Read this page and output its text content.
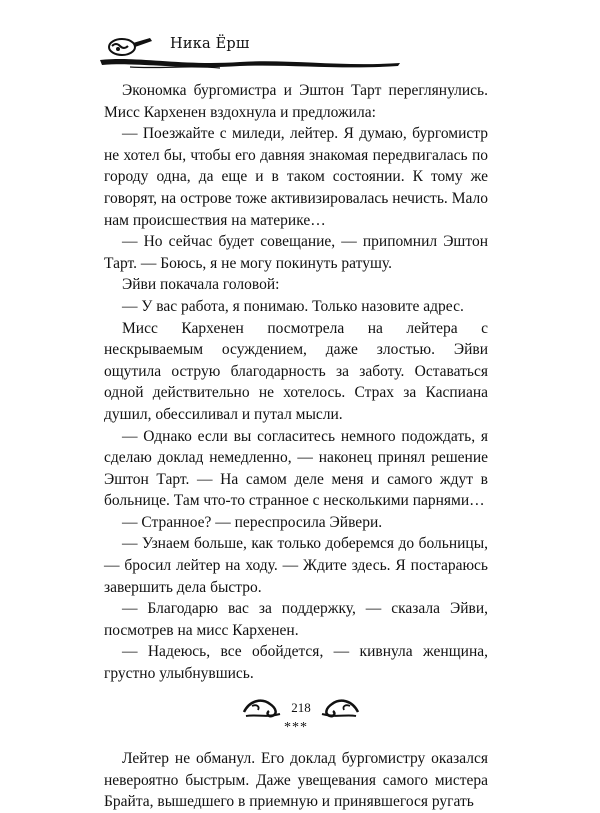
Ника Ёрш

Экономка бургомистра и Эштон Тарт переглянулись. Мисс Кархенен вздохнула и предложила:

— Поезжайте с миледи, лейтер. Я думаю, бургомистр не хотел бы, чтобы его давняя знакомая передвигалась по городу одна, да еще и в таком состоянии. К тому же говорят, на острове тоже активизировалась нечисть. Мало нам происшествия на материке…

— Но сейчас будет совещание, — припомнил Эштон Тарт. — Боюсь, я не могу покинуть ратушу.

Эйви покачала головой:

— У вас работа, я понимаю. Только назовите адрес.

Мисс Кархенен посмотрела на лейтера с нескрываемым осуждением, даже злостью. Эйви ощутила острую благодарность за заботу. Оставаться одной действительно не хотелось. Страх за Каспиана душил, обессиливал и путал мысли.

— Однако если вы согласитесь немного подождать, я сделаю доклад немедленно, — наконец принял решение Эштон Тарт. — На самом деле меня и самого ждут в больнице. Там что-то странное с несколькими парнями…

— Странное? — переспросила Эйвери.

— Узнаем больше, как только доберемся до больницы, — бросил лейтер на ходу. — Ждите здесь. Я постараюсь завершить дела быстро.

— Благодарю вас за поддержку, — сказала Эйви, посмотрев на мисс Кархенен.

— Надеюсь, все обойдется, — кивнула женщина, грустно улыбнувшись.

***

Лейтер не обманул. Его доклад бургомистру оказался невероятно быстрым. Даже увещевания самого мистера Брайта, вышедшего в приемную и принявшегося ругать

218
